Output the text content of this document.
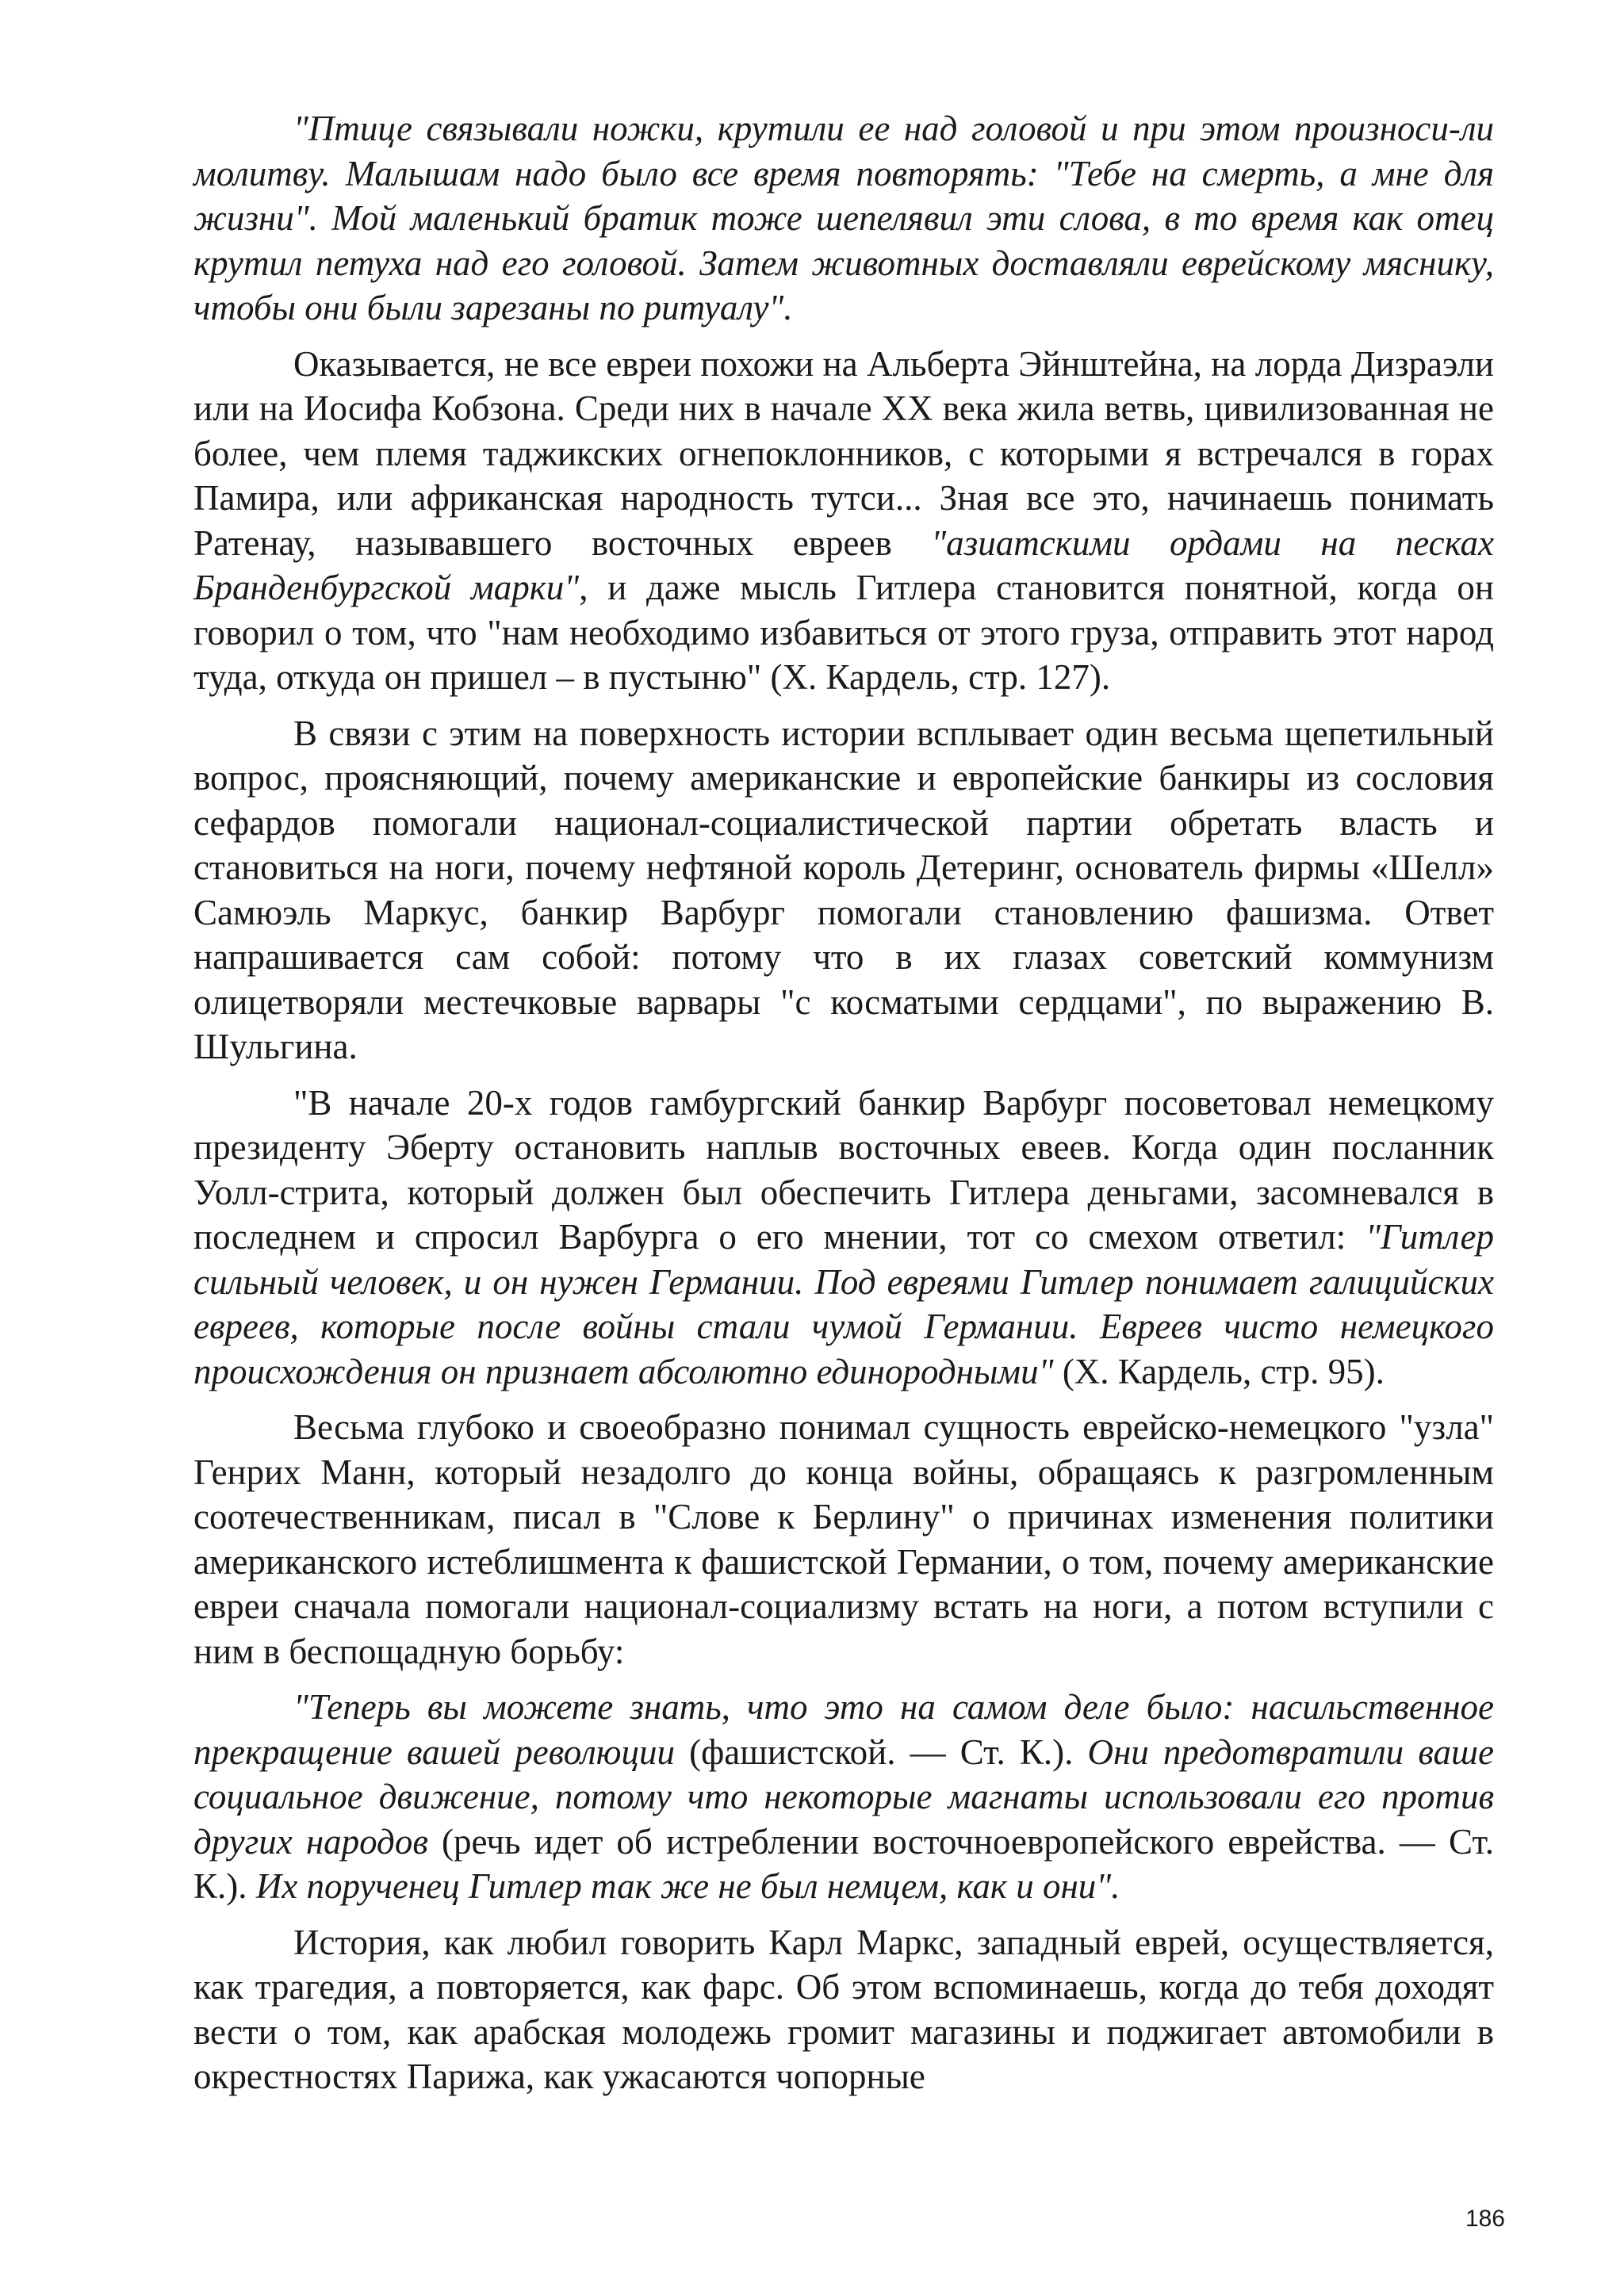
"Птице связывали ножки, крутили ее над головой и при этом произноси-ли молитву. Малышам надо было все время повторять: "Тебе на смерть, а мне для жизни". Мой маленький братик тоже шепелявил эти слова, в то время как отец крутил петуха над его головой. Затем животных доставляли еврейскому мяснику, чтобы они были зарезаны по ритуалу".

Оказывается, не все евреи похожи на Альберта Эйнштейна, на лорда Дизраэли или на Иосифа Кобзона. Среди них в начале XX века жила ветвь, цивилизованная не более, чем племя таджикских огнепоклонников, с которыми я встречался в горах Памира, или африканская народность тутси... Зная все это, начинаешь понимать Ратенау, называвшего восточных евреев "азиатскими ордами на песках Бранденбургской марки", и даже мысль Гитлера становится понятной, когда он говорил о том, что "нам необходимо избавиться от этого груза, отправить этот народ туда, откуда он пришел – в пустыню" (Х. Кардель, стр. 127).

В связи с этим на поверхность истории всплывает один весьма щепетильный вопрос, проясняющий, почему американские и европейские банкиры из сословия сефардов помогали национал-социалистической партии обретать власть и становиться на ноги, почему нефтяной король Детеринг, основатель фирмы «Шелл» Самюэль Маркус, банкир Варбург помогали становлению фашизма. Ответ напрашивается сам собой: потому что в их глазах советский коммунизм олицетворяли местечковые варвары "с косматыми сердцами", по выражению В. Шульгина.

"В начале 20-х годов гамбургский банкир Варбург посоветовал немецкому президенту Эберту остановить наплыв восточных евеев. Когда один посланник Уолл-стрита, который должен был обеспечить Гитлера деньгами, засомневался в последнем и спросил Варбурга о его мнении, тот со смехом ответил: "Гитлер сильный человек, и он нужен Германии. Под евреями Гитлер понимает галицийских евреев, которые после войны стали чумой Германии. Евреев чисто немецкого происхождения он признает абсолютно единородными" (Х. Кардель, стр. 95).

Весьма глубоко и своеобразно понимал сущность еврейско-немецкого "узла" Генрих Манн, который незадолго до конца войны, обращаясь к разгромленным соотечественникам, писал в "Слове к Берлину" о причинах изменения политики американского истеблишмента к фашистской Германии, о том, почему американские евреи сначала помогали национал-социализму встать на ноги, а потом вступили с ним в беспощадную борьбу:

"Теперь вы можете знать, что это на самом деле было: насильственное прекращение вашей революции (фашистской. — Ст. К.). Они предотвратили ваше социальное движение, потому что некоторые магнаты использовали его против других народов (речь идет об истреблении восточноевропейского еврейства. — Ст. К.). Их порученец Гитлер так же не был немцем, как и они".

История, как любил говорить Карл Маркс, западный еврей, осуществляется, как трагедия, а повторяется, как фарс. Об этом вспоминаешь, когда до тебя доходят вести о том, как арабская молодежь громит магазины и поджигает автомобили в окрестностях Парижа, как ужасаются чопорные

186
